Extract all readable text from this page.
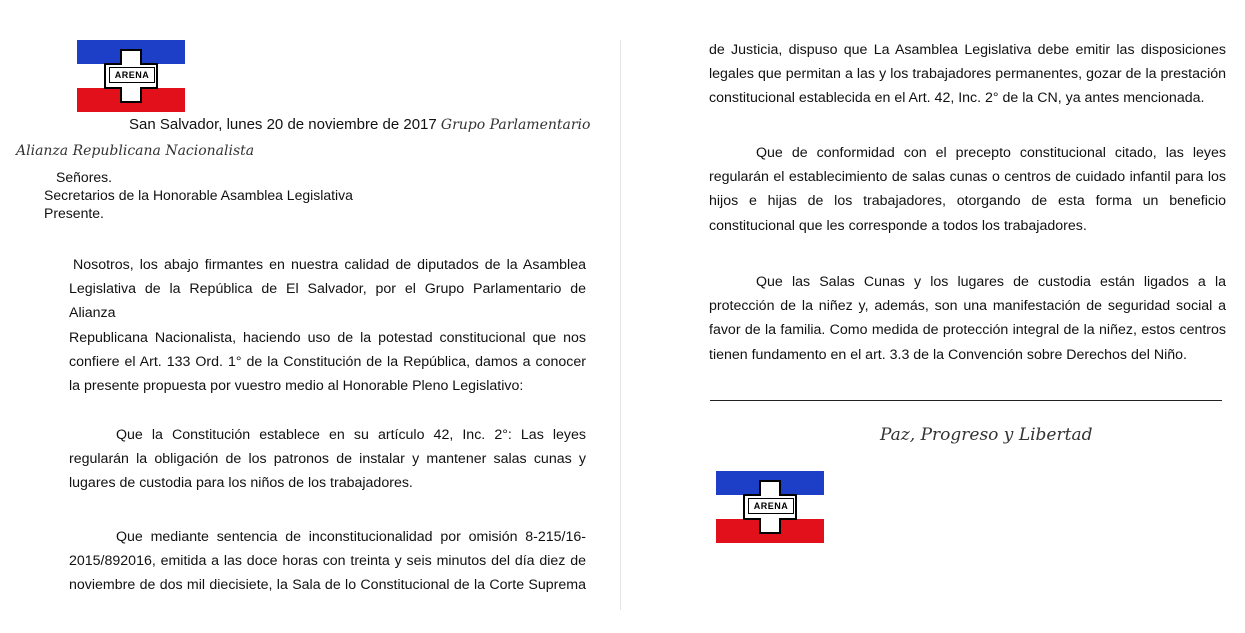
ARENA
San Salvador, lunes 20 de noviembre de 2017 Grupo Parlamentario
Alianza Republicana Nacionalista
Señores.
Secretarios de la Honorable Asamblea Legislativa
Presente.
Nosotros, los abajo firmantes en nuestra calidad de diputados de la Asamblea
Legislativa de la República de El Salvador, por el Grupo Parlamentario de
Alianza
Republicana Nacionalista, haciendo uso de la potestad constitucional que nos
confiere el Art. 133 Ord. 1° de la Constitución de la República, damos a conocer
la presente propuesta por vuestro medio al Honorable Pleno Legislativo:
Que la Constitución establece en su artículo 42, Inc. 2°: Las leyes
regularán la obligación de los patronos de instalar y mantener salas cunas y
lugares de custodia para los niños de los trabajadores.
Que mediante sentencia de inconstitucionalidad por omisión 8-215/16-
2015/892016, emitida a las doce horas con treinta y seis minutos del día diez de
noviembre de dos mil diecisiete, la Sala de lo Constitucional de la Corte Suprema
de Justicia, dispuso que La Asamblea Legislativa debe emitir las disposiciones
legales que permitan a las y los trabajadores permanentes, gozar de la prestación
constitucional establecida en el Art. 42, Inc. 2° de la CN, ya antes mencionada.
Que de conformidad con el precepto constitucional citado, las leyes
regularán el establecimiento de salas cunas o centros de cuidado infantil para los
hijos e hijas de los trabajadores, otorgando de esta forma un beneficio
constitucional que les corresponde a todos los trabajadores.
Que las Salas Cunas y los lugares de custodia están ligados a la
protección de la niñez y, además, son una manifestación de seguridad social a
favor de la familia. Como medida de protección integral de la niñez, estos centros
tienen fundamento en el art. 3.3 de la Convención sobre Derechos del Niño.
Paz, Progreso y Libertad
ARENA
